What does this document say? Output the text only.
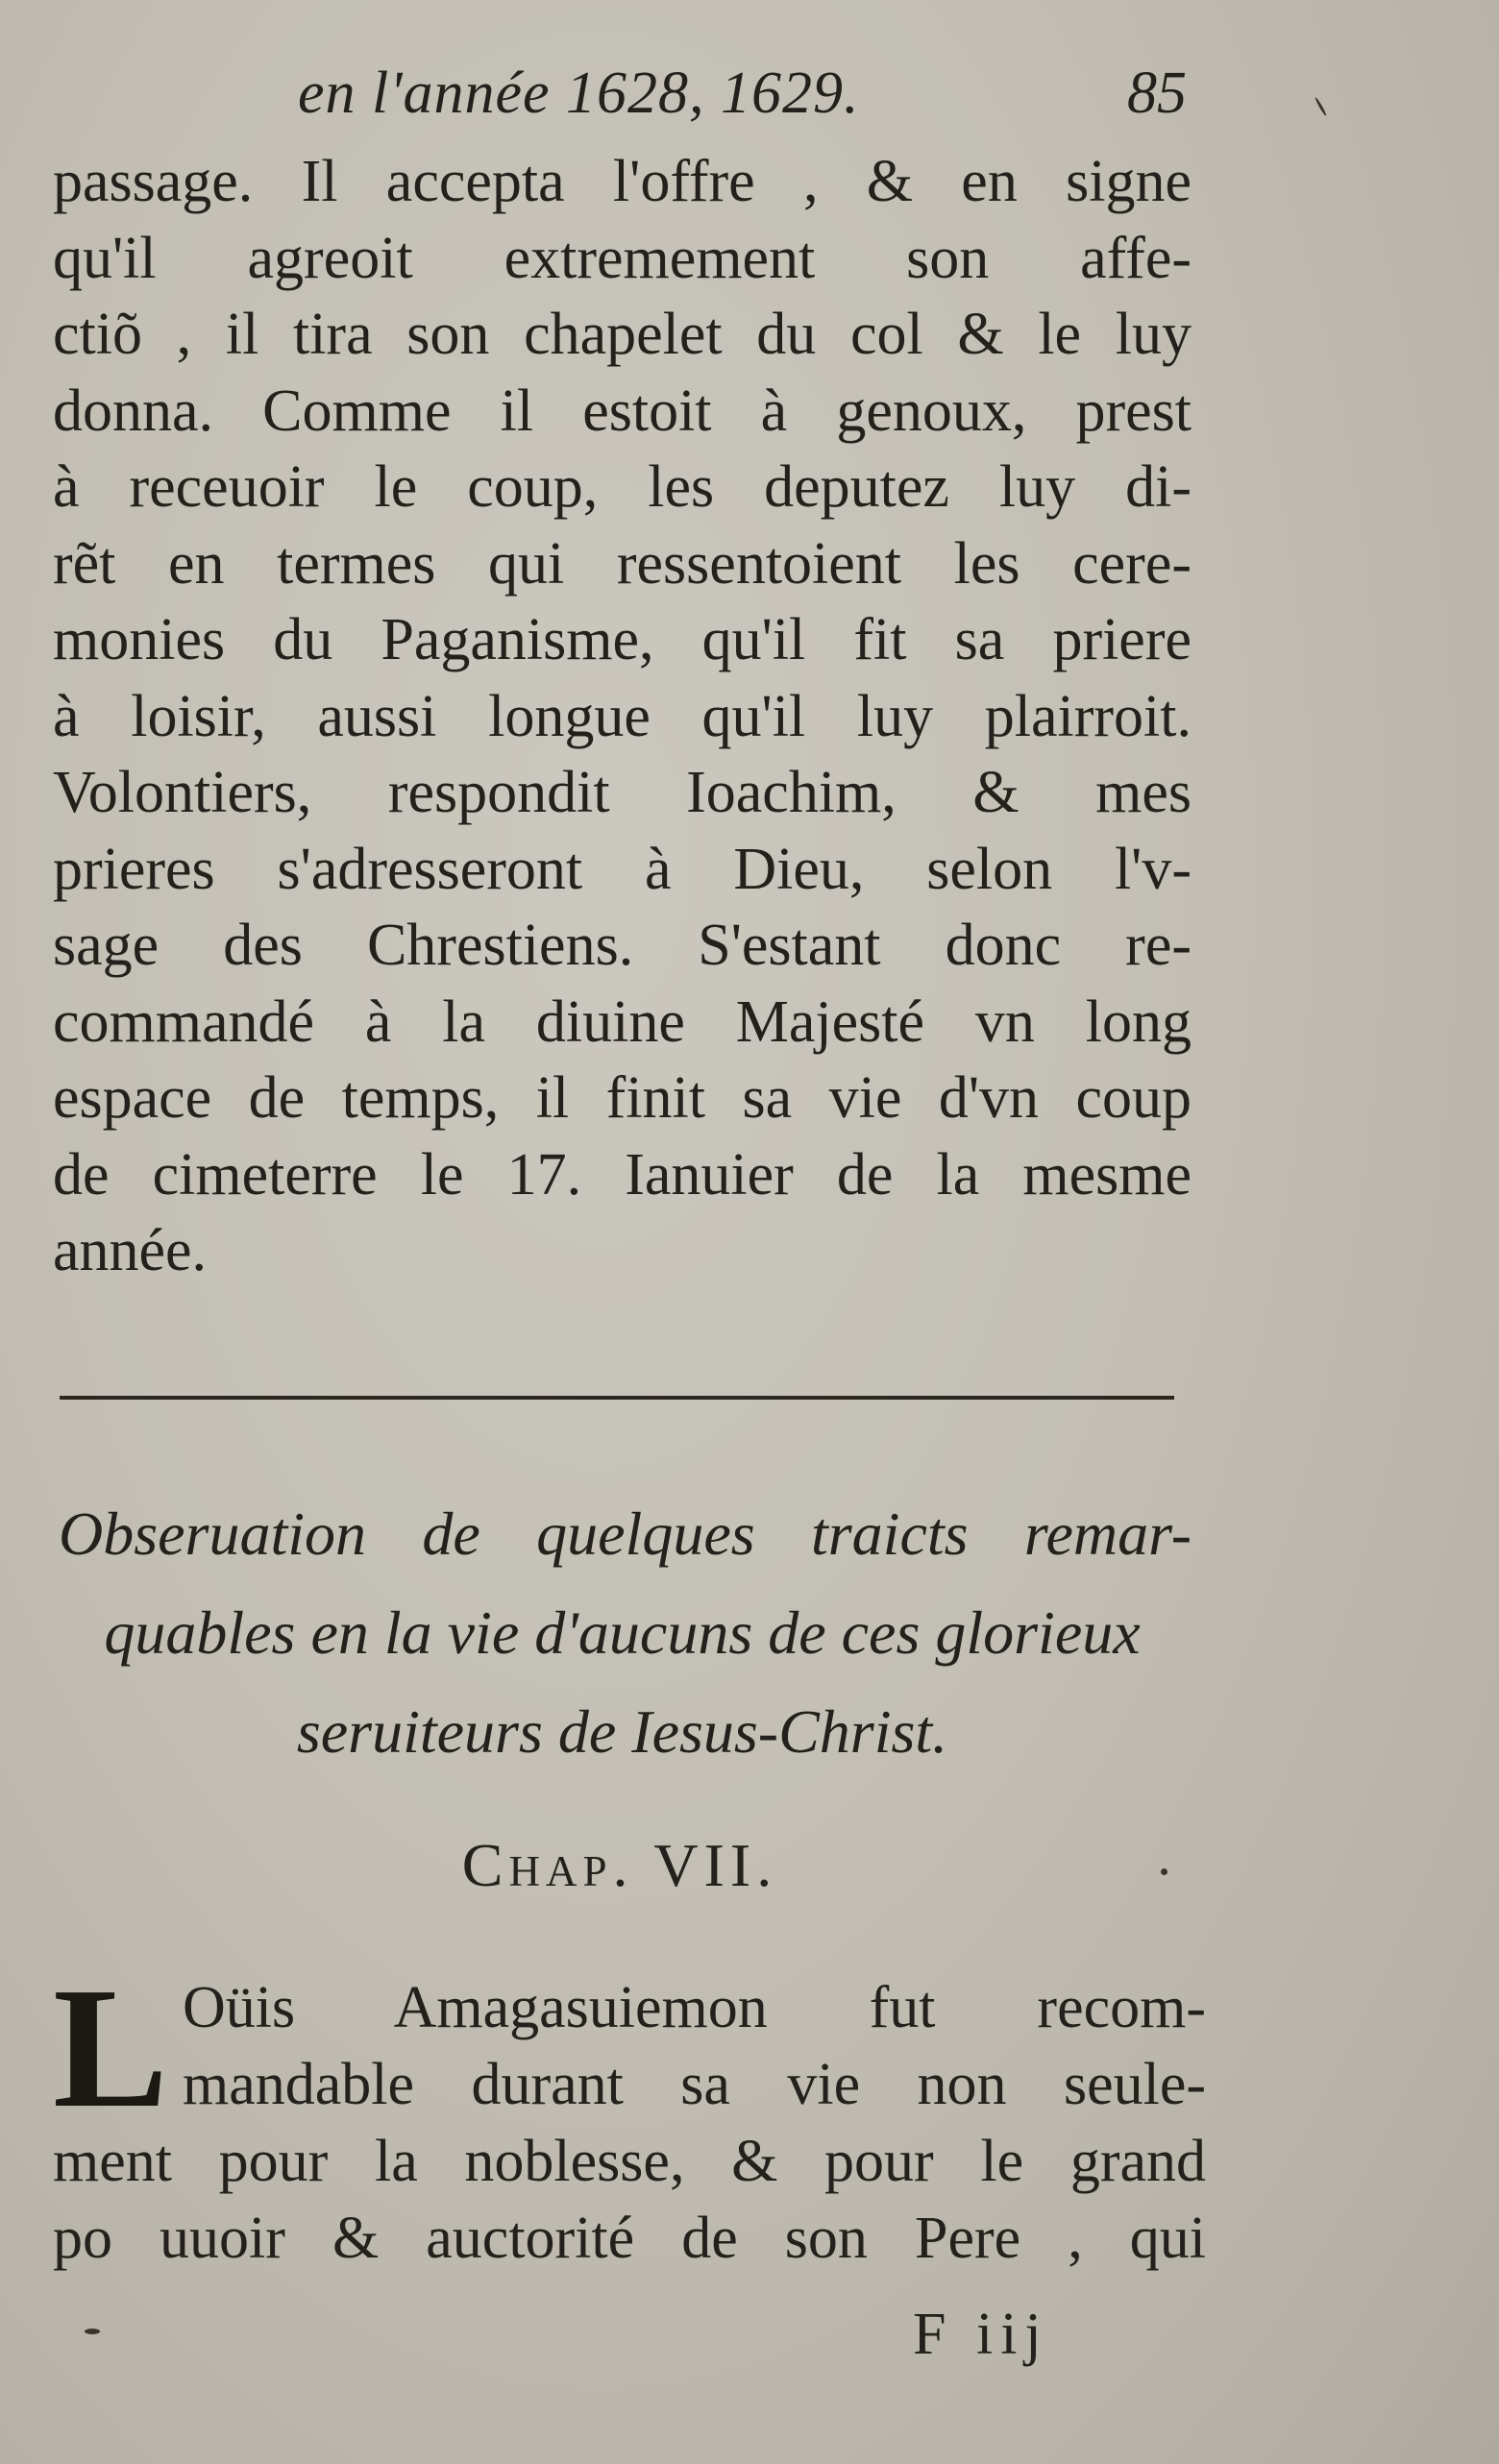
en l'année 1628, 1629.	85
passage. Il accepta l'offre , & en signe
qu'il agreoit extremement son affe-
ctiõ , il tira son chapelet du col & le luy
donna. Comme il estoit à genoux, prest
à receuoir le coup, les deputez luy di-
rẽt en termes qui ressentoient les cere-
monies du Paganisme, qu'il fit sa priere
à loisir, aussi longue qu'il luy plairroit.
Volontiers, respondit Ioachim, & mes
prieres s'adresseront à Dieu, selon l'v-
sage des Chrestiens. S'estant donc re-
commandé à la diuine Majesté vn long
espace de temps, il finit sa vie d'vn coup
de cimeterre le 17. Ianuier de la mesme
année.
Obseruation de quelques traicts remar-
quables en la vie d'aucuns de ces glorieux
seruiteurs de Iesus-Christ.
Chap. VII.
L Oüis Amagasuiemon fut recom-
mandable durant sa vie non seule-
ment pour la noblesse, & pour le grand
po uuoir & auctorité de son Pere , qui
F iij
